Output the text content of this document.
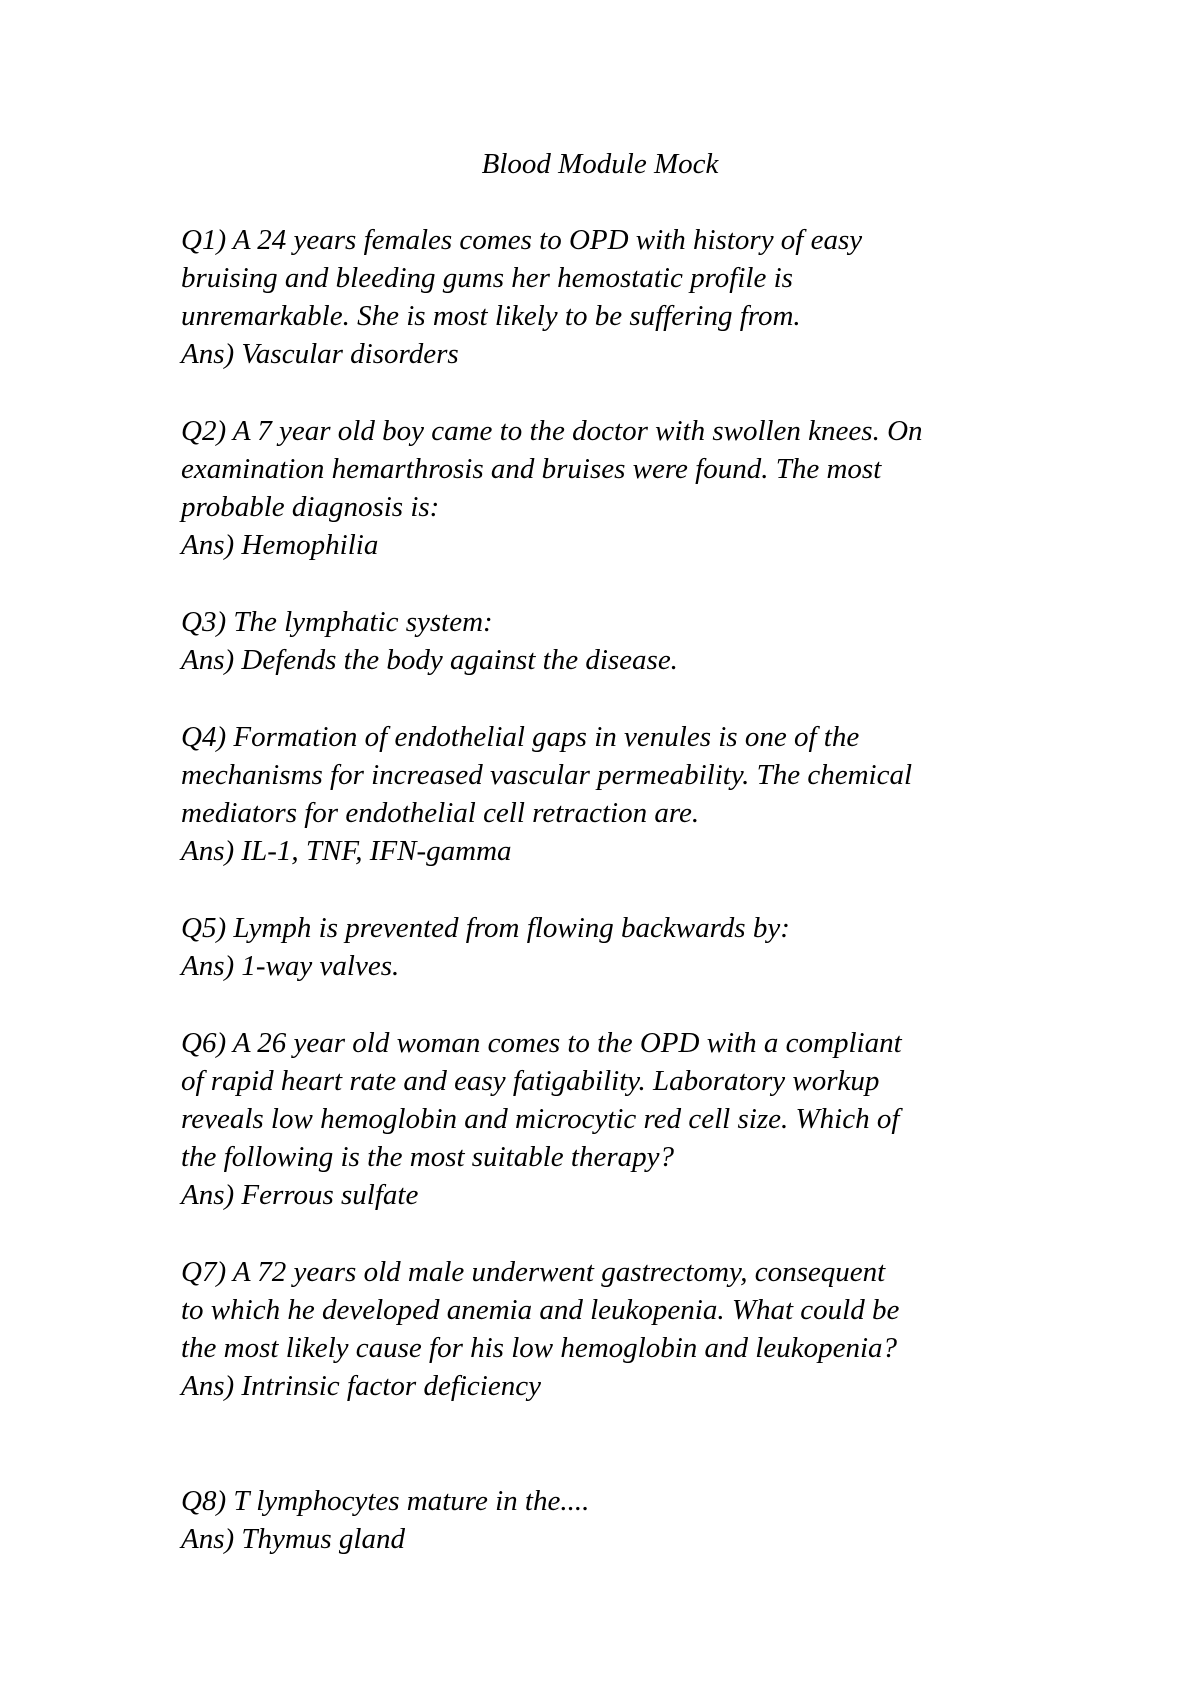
Blood Module Mock
Q1) A 24 years females comes to OPD with history of easy
bruising and bleeding gums her hemostatic profile is
unremarkable. She is most likely to be suffering from.
Ans) Vascular disorders
Q2) A 7 year old boy came to the doctor with swollen knees. On
examination hemarthrosis and bruises were found. The most
probable diagnosis is:
Ans) Hemophilia
Q3) The lymphatic system:
Ans) Defends the body against the disease.
Q4) Formation of endothelial gaps in venules is one of the
mechanisms for increased vascular permeability. The chemical
mediators for endothelial cell retraction are.
Ans) IL-1, TNF, IFN-gamma
Q5) Lymph is prevented from flowing backwards by:
Ans) 1-way valves.
Q6) A 26 year old woman comes to the OPD with a compliant
of rapid heart rate and easy fatigability. Laboratory workup
reveals low hemoglobin and microcytic red cell size. Which of
the following is the most suitable therapy?
Ans) Ferrous sulfate
Q7) A 72 years old male underwent gastrectomy, consequent
to which he developed anemia and leukopenia. What could be
the most likely cause for his low hemoglobin and leukopenia?
Ans) Intrinsic factor deficiency
Q8) T lymphocytes mature in the....
Ans) Thymus gland
